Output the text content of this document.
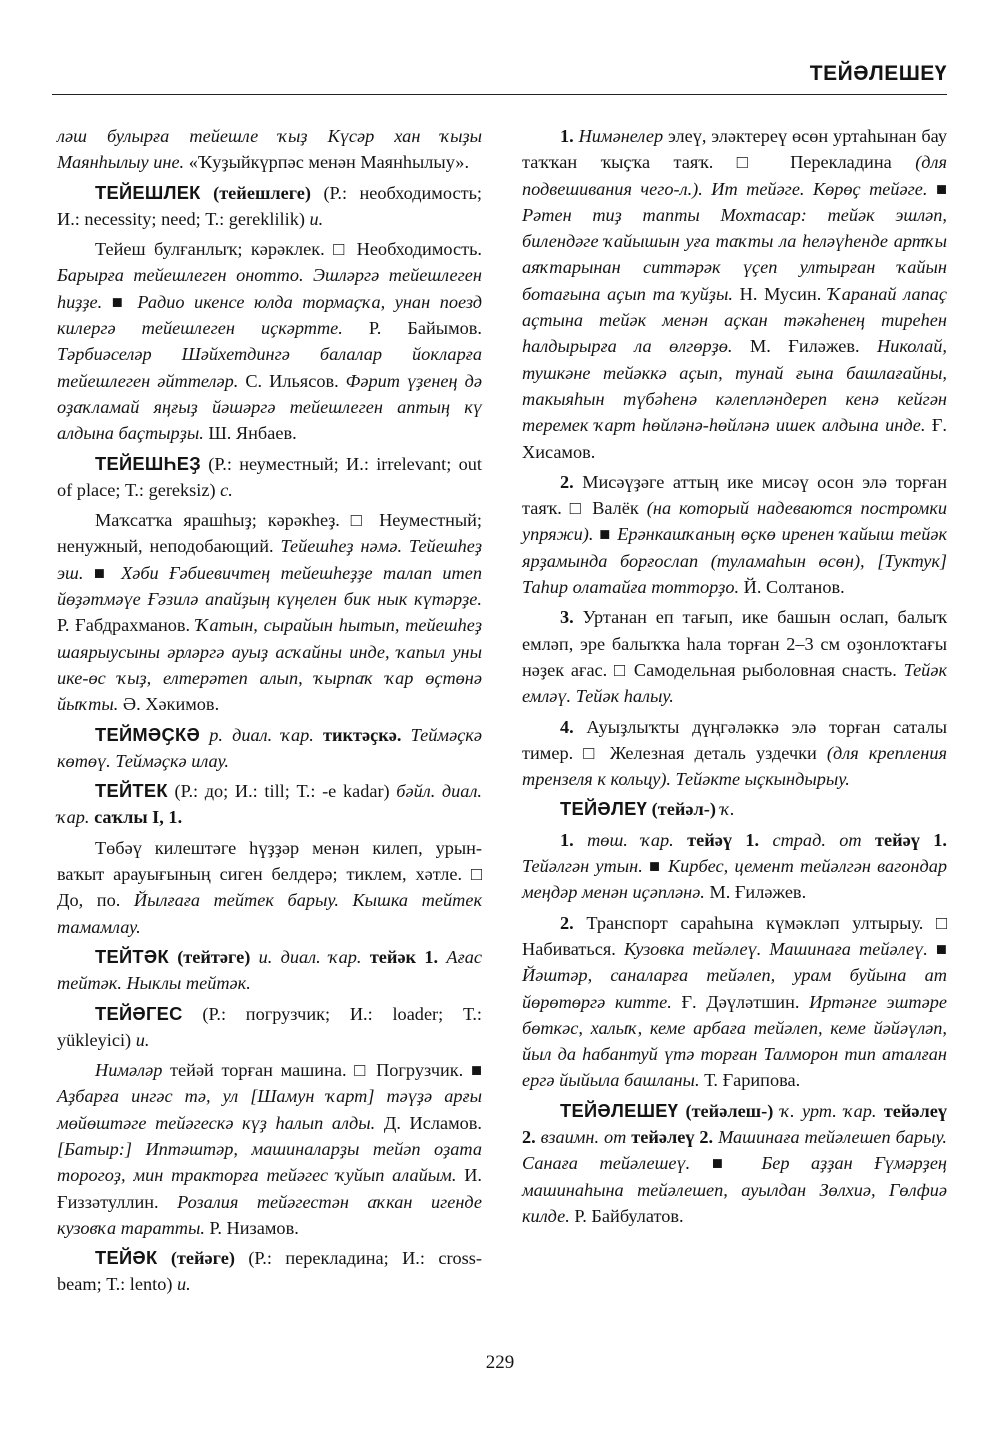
ТЕЙӘЛЕШЕҮ

ләш булырға тейешле ҡыҙ Күсәр хан ҡыҙы Маянһылыу ине. «Ҡуҙыйкүрпәс менән Маянһылыу».

ТЕЙЕШЛЕК (тейешлеге) (Р.: необходимость; И.: necessity; need; Т.: gereklilik) и.

Тейеш булғанлыҡ; кәрәклек. □ Необходимость. Барырға тейешлеген онотто. Эшләргә тейешлеген һиҙҙе. ■ Радио икенсе юлда тормаҫҡа, унан поезд килергә тейешлеген иҫкәртте. Р. Байымов. Тәрбиәселәр Шәйхетдингә балалар йокларға тейешлеген әйттеләр. С. Ильясов. Фәрит үҙенең дә оҙаҡламай яңғыҙ йәшәргә тейешлеген аптың кү алдына баҫтырҙы. Ш. Янбаев.

ТЕЙЕШҺЕҘ (Р.: неуместный; И.: irrelevant; out of place; Т.: gereksiz) с.

Маҡсатҡа ярашһыҙ; кәрәкһеҙ. □ Неуместный; ненужный, неподобающий. Тейешһеҙ нәмә. Тейешһеҙ эш. ■ Хәби Ғәбиевичтең тейешһеҙҙе талап итеп йөҙәтмәүе Ғәзилә апайҙың күңелен бик нык күтәрҙе. Р. Ғабдрахманов. Ҡатын, сырайын һытып, тейешһеҙ шаярыусыны әрләргә ауыҙ асҡайны инде, ҡапыл уны ике-өс ҡыҙ, елтерәтеп алып, ҡырпаҡ ҡар өҫтөнә йыҡты. Ә. Хәкимов.

ТЕЙМӘҪКӘ р. диал. ҡар. тиктәҫкә. Теймәҫкә көтөү. Теймәҫкә илау.

ТЕЙТЕК (Р.: до; И.: till; Т.: -e kadar) бәйл. диал. ҡар. саҡлы I, 1.

Төбәү килештәге һүҙҙәр менән килеп, урын-ваҡыт арауығының сиген белдерә; тиклем, хәтле. □ До, по. Йылғаға тейтек барыу. Кышка тейтек тамамлау.

ТЕЙТӘК (тейтәге) и. диал. ҡар. тейәк 1. Ағас тейтәк. Ныклы тейтәк.

ТЕЙӘГЕС (Р.: погрузчик; И.: loader; Т.: yükleyici) и.

Нимәләр тейәй торған машина. □ Погрузчик. ■ Аҙбарға ингәс тә, ул [Шамун ҡарт] тәүҙә арғы мөйөштәге тейәгескә күҙ һалып алды. Д. Исламов. [Батыр:] Иптәштәр, машиналарҙы тейәп оҙата торогоҙ, мин тракторға тейәгес ҡуйып алайым. И. Ғиззәтуллин. Розалия тейәгестән аҡкан игенде кузовҡа таратты. Р. Низамов.

ТЕЙӘК (тейәге) (Р.: перекладина; И.: cross-beam; Т.: lento) и.

1. Нимәнелер элеү, эләктереү өсөн уртаһынан бау таҡҡан ҡыҫҡа таяҡ. □ Перекладина (для подвешивания чего-л.). Ит тейәге. Көрөҫ тейәге. ■ Рәтен тиҙ тапты Мохтасар: тейәк эшләп, билендәге ҡайышын уға таҡты ла һеләүһенде артҡы аяҡтарынан ситтәрәк үҫеп ултырған ҡайын ботағына аҫып та ҡуйҙы. Н. Мусин. Ҡаранай лапаҫ аҫтына тейәк менән аҫкан тәкәһенең тиреһен һалдырырға ла өлгөрҙө. М. Ғиләжев. Николай, тушкәне тейәккә аҫып, тунай ғына башлағайны, такыяһын түбәһенә кәлепләндереп кенә кейгән теремек ҡарт һөйләнә-һөйләнә ишек алдына инде. Ғ. Хисамов.

2. Мисәүҙәге аттың ике мисәү осон элә торған таяҡ. □ Валёк (на который надеваются постромки упряжи). ■ Ерәнкашҡаның өҫкө иренен ҡайыш тейәк ярҙамында борғослап (туламаһын өсөн), [Туктук] Таһир олатайға тотторҙо. Й. Солтанов.

3. Уртанан еп тағып, ике башын ослап, балыҡ емләп, эре балыҡҡа һала торған 2–3 см оҙонлоҡтағы нәҙек ағас. □ Самодельная рыболовная снасть. Тейәк емләү. Тейәк һалыу.

4. Ауыҙлыҡты дүңгәләккә элә торған саталы тимер. □ Железная деталь уздечки (для крепления трензеля к кольцу). Тейәкте ыҫкындырыу.

ТЕЙӘЛЕҮ (тейәл-) ҡ.

1. төш. ҡар. тейәү 1. страд. от тейәү 1. Тейәлгән утын. ■ Кирбес, цемент тейәлгән вагондар меңдәр менән иҫәпләнә. М. Ғиләжев.

2. Транспорт сараһына күмәкләп ултырыу. □ Набиваться. Кузовка тейәлеү. Машинаға тейәлеү. ■ Йәштәр, саналарға тейәлеп, урам буйына ат йөрөтөргә китте. Ғ. Дәүләтшин. Иртәнге эштәре бөткәс, халыҡ, кеме арбаға тейәлеп, кеме йәйәүләп, йыл да һабантуй үтә торған Талморон тип аталған ергә йыйыла башланы. Т. Ғарипова.

ТЕЙӘЛЕШЕҮ (тейәлеш-) ҡ. урт. ҡар. тейәлеү 2. взаимн. от тейәлеү 2. Машинаға тейәлешеп барыу. Санаға тейәлешеү. ■ Бер аҙҙан Ғүмәрҙең машинаһына тейәлешеп, ауылдан Зөлхиә, Гөлфиә килде. Р. Байбулатов.

229
